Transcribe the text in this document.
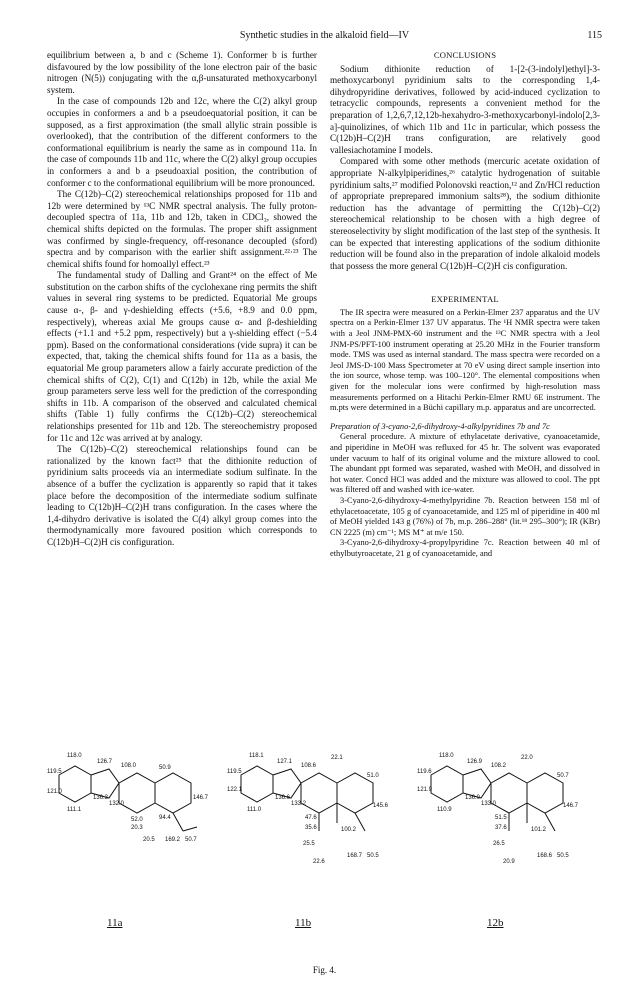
Synthetic studies in the alkaloid field—IV	115

equilibrium between a, b and c (Scheme 1). Conformer b is further disfavoured by the low possibility of the lone electron pair of the basic nitrogen (N(5)) conjugating with the α,β-unsaturated methoxycarbonyl system.

In the case of compounds 12b and 12c, where the C(2) alkyl group occupies in conformers a and b a pseudoequatorial position, it can be supposed, as a first approximation (the small allylic strain possible is overlooked), that the contribution of the different conformers to the conformational equilibrium is nearly the same as in compound 11a. In the case of compounds 11b and 11c, where the C(2) alkyl group occupies in conformers a and b a pseudoaxial position, the contribution of conformer c to the conformational equilibrium will be more pronounced.

The C(12b)–C(2) stereochemical relationships proposed for 11b and 12b were determined by ¹³C NMR spectral analysis. The fully proton-decoupled spectra of 11a, 11b and 12b, taken in CDCl₃, showed the chemical shifts depicted on the formulas. The proper shift assignment was confirmed by single-frequency, off-resonance decoupled (sford) spectra and by comparison with the earlier shift assignment.²²·²³ The chemical shifts found for homoallyl effect.²³

The fundamental study of Dalling and Grant²⁴ on the effect of Me substitution on the carbon shifts of the cyclohexane ring permits the shift values in several ring systems to be predicted. Equatorial Me groups cause α-, β- and γ-deshielding effects (+5.6, +8.9 and 0.0 ppm, respectively), whereas axial Me groups cause α- and β-deshielding effects (+1.1 and +5.2 ppm, respectively) but a γ-shielding effect (−5.4 ppm). Based on the conformational considerations (vide supra) it can be expected, that, taking the chemical shifts found for 11a as a basis, the equatorial Me group parameters allow a fairly accurate prediction of the chemical shifts of C(2), C(1) and C(12b) in 12b, while the axial Me group parameters serve less well for the prediction of the corresponding shifts in 11b. A comparison of the observed and calculated chemical shifts (Table 1) fully confirms the C(12b)–C(2) stereochemical relationships presented for 11b and 12b. The stereochemistry proposed for 11c and 12c was arrived at by analogy.

The C(12b)–C(2) stereochemical relationships found can be rationalized by the known fact²⁵ that the dithionite reduction of pyridinium salts proceeds via an intermediate sodium sulfinate. In the absence of a buffer the cyclization is apparently so rapid that it takes place before the decomposition of the intermediate sodium sulfinate leading to C(12b)H–C(2)H trans configuration. In the cases where the 1,4-dihydro derivative is isolated the C(4) alkyl group comes into the thermodynamically more favoured position which corresponds to C(12b)H–C(2)H cis configuration.

CONCLUSIONS

Sodium dithionite reduction of 1-[2-(3-indolyl)ethyl]-3-methoxycarbonyl pyridinium salts to the corresponding 1,4-dihydropyridine derivatives, followed by acid-induced cyclization to tetracyclic compounds, represents a convenient method for the preparation of 1,2,6,7,12,12b-hexahydro-3-methoxycarbonyl-indolo[2,3-a]-quinolizines, of which 11b and 11c in particular, which possess the C(12b)H–C(2)H trans configuration, are relatively good vallesiachotamine I models.

Compared with some other methods (mercuric acetate oxidation of appropriate N-alkylpiperidines,²⁶ catalytic hydrogenation of suitable pyridinium salts,²⁷ modified Polonovski reaction,¹² and Zn/HCl reduction of appropriate preprepared immonium salts²⁸), the sodium dithionite reduction has the advantage of permitting the C(12b)–C(2) stereochemical relationship to be chosen with a high degree of stereoselectivity by slight modification of the last step of the synthesis. It can be expected that interesting applications of the sodium dithionite reduction will be found also in the preparation of indole alkaloid models that possess the more general C(12b)H–C(2)H cis configuration.

EXPERIMENTAL

The IR spectra were measured on a Perkin-Elmer 237 apparatus and the UV spectra on a Perkin-Elmer 137 UV apparatus. The ¹H NMR spectra were taken with a Jeol JNM-PMX-60 instrument and the ¹³C NMR spectra with a Jeol JNM-PS/PFT-100 instrument operating at 25.20 MHz in the Fourier transform mode. TMS was used as internal standard. The mass spectra were recorded on a Jeol JMS-D-100 Mass Spectrometer at 70 eV using direct sample insertion into the ion source, whose temp. was 100–120°. The elemental compositions when given for the molecular ions were confirmed by high-resolution mass measurements performed on a Hitachi Perkin-Elmer RMU 6E instrument. The m.pts were determined in a Büchi capillary m.p. apparatus and are uncorrected.

Preparation of 3-cyano-2,6-dihydroxy-4-alkylpyridines 7b and 7c

General procedure. A mixture of ethylacetate derivative, cyanoacetamide, and piperidine in MeOH was refluxed for 45 hr. The solvent was evaporated under vacuum to half of its original volume and the mixture allowed to cool. The abundant ppt formed was separated, washed with MeOH, and dissolved in hot water. Concd HCl was added and the mixture was allowed to cool. The ppt was filtered off and washed with ice-water.

3-Cyano-2,6-dihydroxy-4-methylpyridine 7b. Reaction between 158 ml of ethylacetoacetate, 105 g of cyanoacetamide, and 125 ml of piperidine in 400 ml of MeOH yielded 143 g (76%) of 7b, m.p. 286–288° (lit.¹⁸ 295–300°); IR (KBr) CN 2225 (m) cm⁻¹; MS M⁺ at m/e 150.

3-Cyano-2,6-dihydroxy-4-propylpyridine 7c. Reaction between 40 ml of ethylbutyroacetate, 21 g of cyanoacetamide, and

118.0
119.5
121.0
111.1
136.3
132.0
52.0
20.3
126.7
108.0	50.9
146.7
94.4
20.5 169.2 50.7
118.1
119.5
122.1
111.0
136.6
133.2
47.6
35.6
127.1
108.6
22.1
51.0
145.6
100.2
25.5
168.7 50.5
22.6
118.0
119.6
121.9
110.9
136.0
133.0
51.5
37.6
126.9
108.2
22.0
50.7
146.7
101.2
26.5
168.6 50.5
20.9
11a	11b	12b
Fig. 4.
